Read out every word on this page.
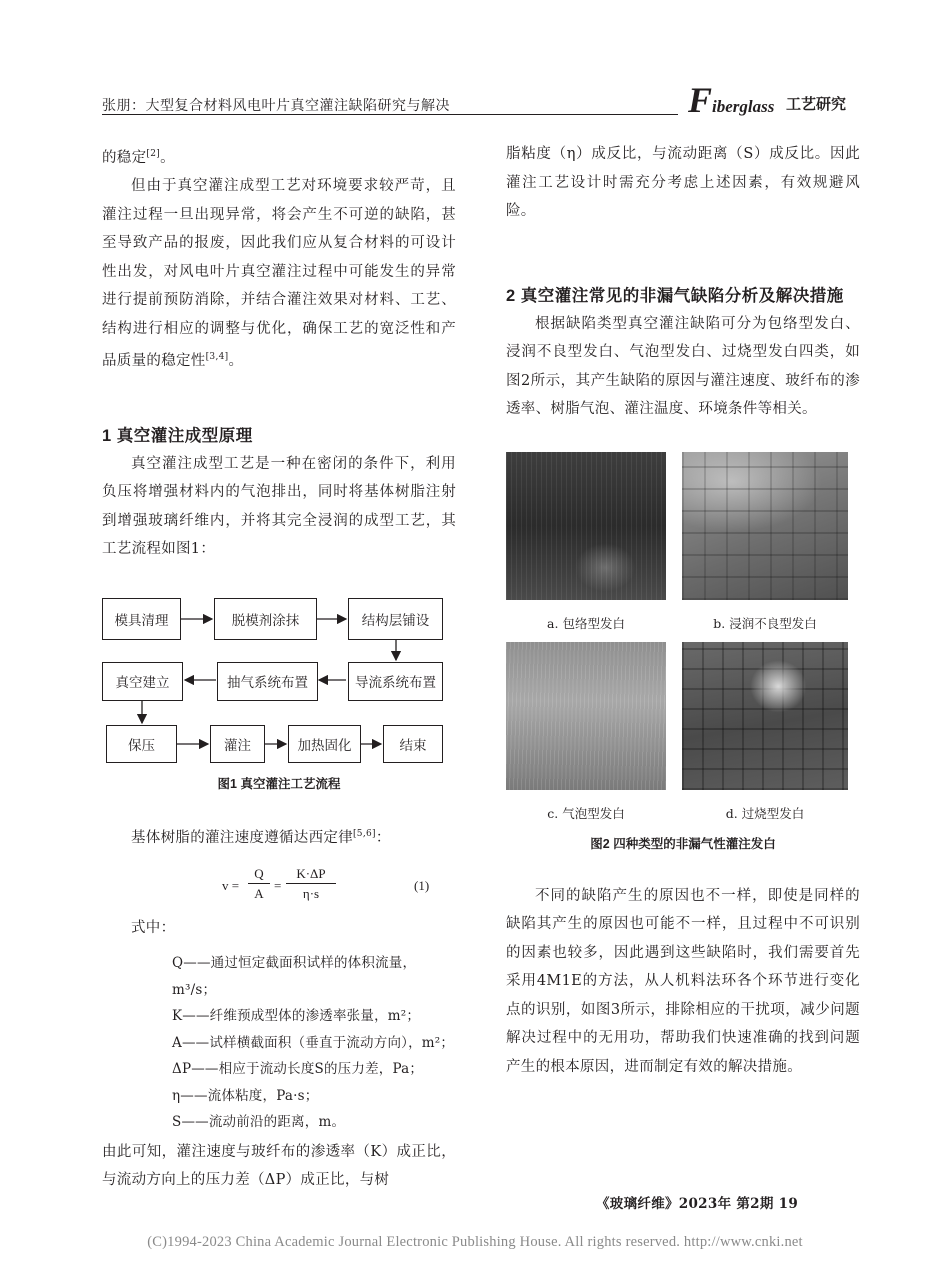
张朋：大型复合材料风电叶片真空灌注缺陷研究与解决	Fiberglass 工艺研究

的稳定[2]。

但由于真空灌注成型工艺对环境要求较严苛，且灌注过程一旦出现异常，将会产生不可逆的缺陷，甚至导致产品的报废，因此我们应从复合材料的可设计性出发，对风电叶片真空灌注过程中可能发生的异常进行提前预防消除，并结合灌注效果对材料、工艺、结构进行相应的调整与优化，确保工艺的宽泛性和产品质量的稳定性[3,4]。

1 真空灌注成型原理

真空灌注成型工艺是一种在密闭的条件下，利用负压将增强材料内的气泡排出，同时将基体树脂注射到增强玻璃纤维内，并将其完全浸润的成型工艺，其工艺流程如图1：

模具清理	脱模剂涂抹	结构层铺设
导流系统布置
抽气系统布置
真空建立
保压	灌注	加热固化	结束
图1 真空灌注工艺流程

基体树脂的灌注速度遵循达西定律[5,6]：

$v = \frac{Q}{A} = \frac{K\cdot\Delta P}{\eta\cdot s}$	(1)

式中：

Q——通过恒定截面积试样的体积流量，m³/s；
K——纤维预成型体的渗透率张量，m²；
A——试样横截面积（垂直于流动方向），m²；
ΔP——相应于流动长度S的压力差，Pa；
η——流体粘度，Pa·s；
S——流动前沿的距离，m。

由此可知，灌注速度与玻纤布的渗透率（K）成正比，与流动方向上的压力差（ΔP）成正比，与树

脂粘度（η）成反比，与流动距离（S）成反比。因此灌注工艺设计时需充分考虑上述因素，有效规避风险。

2 真空灌注常见的非漏气缺陷分析及解决措施

根据缺陷类型真空灌注缺陷可分为包络型发白、浸润不良型发白、气泡型发白、过烧型发白四类，如图2所示，其产生缺陷的原因与灌注速度、玻纤布的渗透率、树脂气泡、灌注温度、环境条件等相关。

a. 包络型发白	b. 浸润不良型发白
c. 气泡型发白	d. 过烧型发白
图2 四种类型的非漏气性灌注发白

不同的缺陷产生的原因也不一样，即使是同样的缺陷其产生的原因也可能不一样，且过程中不可识别的因素也较多，因此遇到这些缺陷时，我们需要首先采用4M1E的方法，从人机料法环各个环节进行变化点的识别，如图3所示，排除相应的干扰项，减少问题解决过程中的无用功，帮助我们快速准确的找到问题产生的根本原因，进而制定有效的解决措施。

《玻璃纤维》2023年 第2期 19
(C)1994-2023 China Academic Journal Electronic Publishing House. All rights reserved. http://www.cnki.net
